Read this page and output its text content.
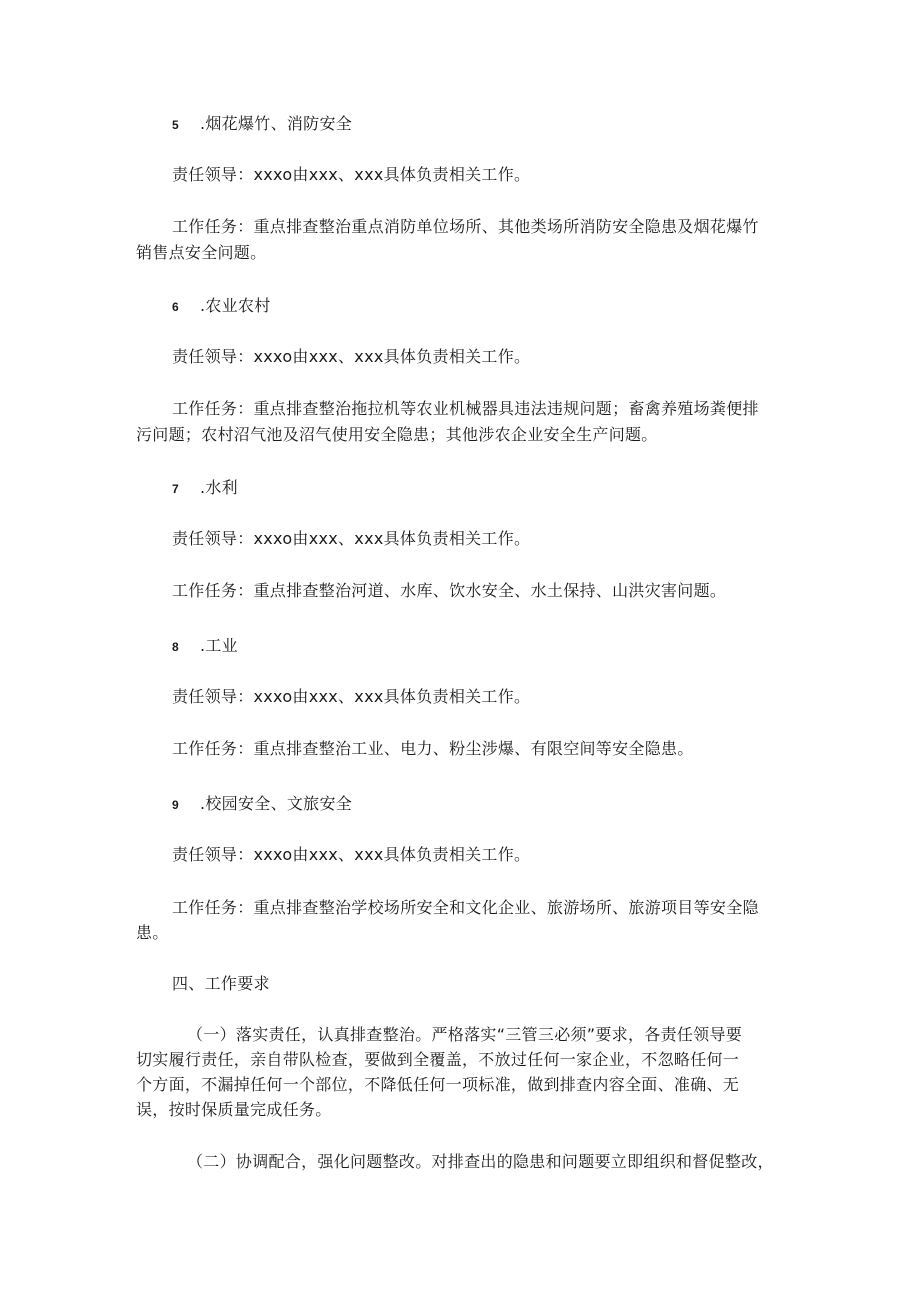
5 .烟花爆竹、消防安全
责任领导：xxxo由xxx、xxx具体负责相关工作。
工作任务：重点排查整治重点消防单位场所、其他类场所消防安全隐患及烟花爆竹
销售点安全问题。
6 .农业农村
责任领导：xxxo由xxx、xxx具体负责相关工作。
工作任务：重点排查整治拖拉机等农业机械器具违法违规问题；畜禽养殖场粪便排
污问题；农村沼气池及沼气使用安全隐患；其他涉农企业安全生产问题。
7 .水利
责任领导：xxxo由xxx、xxx具体负责相关工作。
工作任务：重点排查整治河道、水库、饮水安全、水土保持、山洪灾害问题。
8 .工业
责任领导：xxxo由xxx、xxx具体负责相关工作。
工作任务：重点排查整治工业、电力、粉尘涉爆、有限空间等安全隐患。
9 .校园安全、文旅安全
责任领导：xxxo由xxx、xxx具体负责相关工作。
工作任务：重点排查整治学校场所安全和文化企业、旅游场所、旅游项目等安全隐
患。
四、工作要求
（一）落实责任，认真排查整治。严格落实“三管三必须”要求，各责任领导要
切实履行责任，亲自带队检查，要做到全覆盖，不放过任何一家企业，不忽略任何一
个方面，不漏掉任何一个部位，不降低任何一项标准，做到排查内容全面、准确、无
误，按时保质量完成任务。
（二）协调配合，强化问题整改。对排查出的隐患和问题要立即组织和督促整改，
